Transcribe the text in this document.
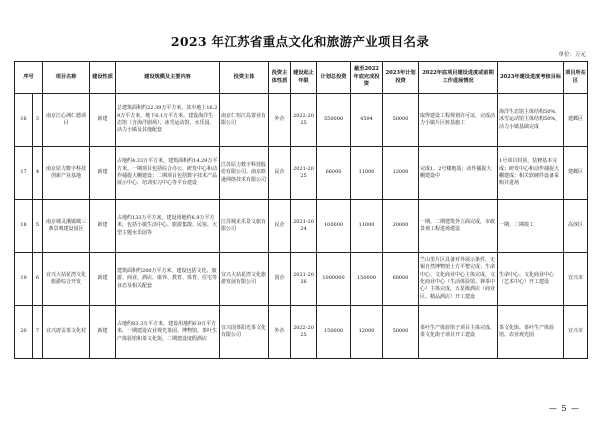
2023 年江苏省重点文化和旅游产业项目名录
单位：万元
序号		项目名称	建设性质	建设规模及主要内容	投资主体	投资主体性质	建设起止年限	计划总投资	截至2022年底完成投资	2023年计划投资	2022年底项目建设进度或前期工作进展情况	2023年建设进度考核目标	项目所在区
16	3	南京江心洲仁德项目	新建	总建筑面积约22.39万平方米，其中地上16.29万平方米，地下6.1万平方米。建设海洋生态馆（含海洋剧场）、冰雪运动馆、水乐园、活力小镇及其他配套	南京仁恒江岛置业有限公司	外企	2022-2025	550000	4594	50000	取得建设工程规划许可证，完成活力小镇片区桩基施工	海洋生态馆主体结构50%，冰雪运动馆主体结构50%，活力小镇基础完成	建邺区
17	4	南京原力数字科技创新产业基地	新建	占地约4.33万平方米，建筑面积约14.29万平方米。一期项目包括综合办公、研发中心和动作捕捉大棚建设；二期项目包括数字技术产品展示中心、培训实习中心等平台建设	江苏原力数字科技股份有限公司、南京欧逊网络技术有限公司	民企	2021-2025	66000	11000	12000	完成1、2号楼地基；动作捕捉大棚建设中	1号项目封顶，装修基本完成；研发中心和动作捕捉大棚建成；相关软硬件设备采购并进场	建邺区
18	5	南京城灵溪镇城三条景观建设园区	新建	占地约133万平方米，建设用地约6.9万平方米，包括小镇生活中心、旅游集散、民宿、大型主题水乐园等	江苏城见乐景文旅有限公司	民企	2021-2024	100000	11000	20000	一期、二期建筑外立面完成，市政景观工程进场建设	一期、二期竣工	高淳区
19	6	宜兴大拈花湾文化旅游综合开发	新建	建筑面积约200万平方米，建设包括文化、旅游、商业、酒店、康养、教育、体育、住宅等业态及相关配套	宜兴大拈花湾文化旅游发展有限公司	国企	2021-2026	1000000	150000	60000	竺山里片区具备对外展示条件，无锡自然博物馆土方平整完成；生命中心、文化商业中心主体完成，文化商业中心（生活体验馆、禅茶中心）主体完成，五星级酒店（商业区、精品酒店）开工建设	生命中心、文化商业中心（艺术中心）开工建设	宜兴市
20	7	宜兴唐贡茶文化村	新建	占地约83.3万平方米，建设用地约6.9万平方米，一期建设农业观光茶园、博物馆、茶叶生产体验馆和茶文化街，二期建设度假酒店	宜兴国茶阳光茶文化有限公司	外企	2022-2025	150000	12000	50000	茶叶生产体验馆子项目主体完成，茶文化街子项目开工建设	茶文化街、茶叶生产体验馆、农业观光园	宜兴市
— 5 —
